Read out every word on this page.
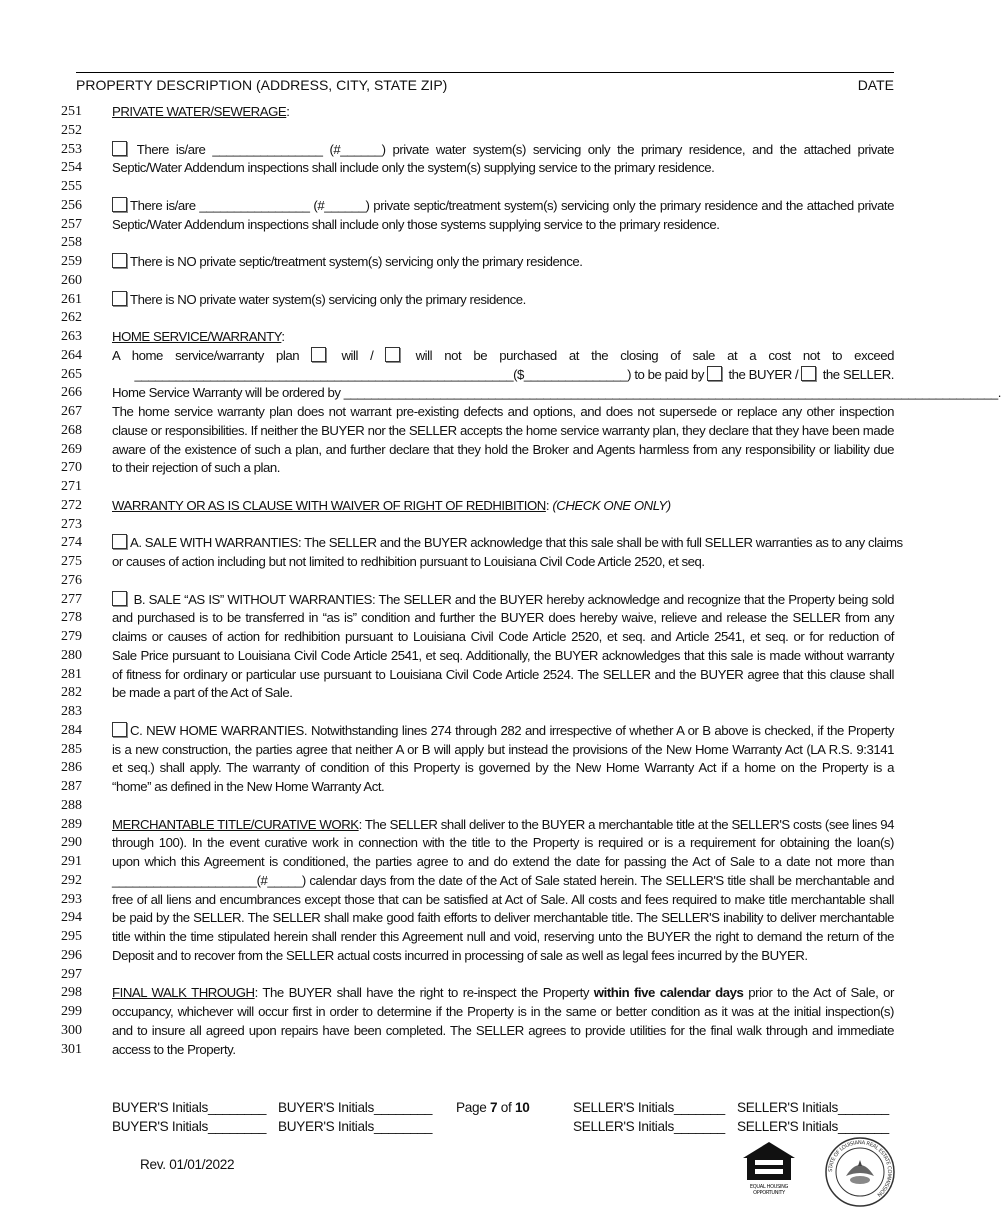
PROPERTY DESCRIPTION (ADDRESS, CITY, STATE ZIP)	DATE
251 PRIVATE WATER/SEWERAGE:
252
253	There is/are ________________ (#______) private water system(s) servicing only the primary residence, and the attached private
254 Septic/Water Addendum inspections shall include only the system(s) supplying service to the primary residence.
255
256	There is/are ________________ (#______) private septic/treatment system(s) servicing only the primary residence and the attached private
257 Septic/Water Addendum inspections shall include only those systems supplying service to the primary residence.
258
259	There is NO private septic/treatment system(s) servicing only the primary residence.
260
261	There is NO private water system(s) servicing only the primary residence.
262
263 HOME SERVICE/WARRANTY:
264 A home service/warranty plan	will /	will not be purchased at the closing of sale at a cost not to exceed
265	_______________________________________________________($_______________) to be paid by the BUYER / the SELLER.
266 Home Service Warranty will be ordered by _______________________________________________________________________________________________.
267 The home service warranty plan does not warrant pre-existing defects and options, and does not supersede or replace any other inspection
268 clause or responsibilities. If neither the BUYER nor the SELLER accepts the home service warranty plan, they declare that they have been made
269 aware of the existence of such a plan, and further declare that they hold the Broker and Agents harmless from any responsibility or liability due
270 to their rejection of such a plan.
271
272 WARRANTY OR AS IS CLAUSE WITH WAIVER OF RIGHT OF REDHIBITION: (CHECK ONE ONLY)
273
274	A. SALE WITH WARRANTIES: The SELLER and the BUYER acknowledge that this sale shall be with full SELLER warranties as to any claims
275 or causes of action including but not limited to redhibition pursuant to Louisiana Civil Code Article 2520, et seq.
276
277	B. SALE “AS IS” WITHOUT WARRANTIES: The SELLER and the BUYER hereby acknowledge and recognize that the Property being sold
278 and purchased is to be transferred in “as is” condition and further the BUYER does hereby waive, relieve and release the SELLER from any
279 claims or causes of action for redhibition pursuant to Louisiana Civil Code Article 2520, et seq. and Article 2541, et seq. or for reduction of
280 Sale Price pursuant to Louisiana Civil Code Article 2541, et seq. Additionally, the BUYER acknowledges that this sale is made without warranty
281 of fitness for ordinary or particular use pursuant to Louisiana Civil Code Article 2524. The SELLER and the BUYER agree that this clause shall
282 be made a part of the Act of Sale.
283
284	C. NEW HOME WARRANTIES. Notwithstanding lines 274 through 282 and irrespective of whether A or B above is checked, if the Property
285 is a new construction, the parties agree that neither A or B will apply but instead the provisions of the New Home Warranty Act (LA R.S. 9:3141
286 et seq.) shall apply. The warranty of condition of this Property is governed by the New Home Warranty Act if a home on the Property is a
287 “home” as defined in the New Home Warranty Act.
288
289 MERCHANTABLE TITLE/CURATIVE WORK: The SELLER shall deliver to the BUYER a merchantable title at the SELLER'S costs (see lines 94
290 through 100). In the event curative work in connection with the title to the Property is required or is a requirement for obtaining the loan(s)
291 upon which this Agreement is conditioned, the parties agree to and do extend the date for passing the Act of Sale to a date not more than
292 _____________________(#_____) calendar days from the date of the Act of Sale stated herein. The SELLER'S title shall be merchantable and
293 free of all liens and encumbrances except those that can be satisfied at Act of Sale. All costs and fees required to make title merchantable shall
294 be paid by the SELLER. The SELLER shall make good faith efforts to deliver merchantable title. The SELLER'S inability to deliver merchantable
295 title within the time stipulated herein shall render this Agreement null and void, reserving unto the BUYER the right to demand the return of the
296 Deposit and to recover from the SELLER actual costs incurred in processing of sale as well as legal fees incurred by the BUYER.
297
298 FINAL WALK THROUGH: The BUYER shall have the right to re-inspect the Property within five calendar days prior to the Act of Sale, or
299 occupancy, whichever will occur first in order to determine if the Property is in the same or better condition as it was at the initial inspection(s)
300 and to insure all agreed upon repairs have been completed. The SELLER agrees to provide utilities for the final walk through and immediate
301 access to the Property.
BUYER'S Initials________ BUYER'S Initials________
BUYER'S Initials________ BUYER'S Initials________
Page 7 of 10	SELLER'S Initials_______ SELLER'S Initials_______
SELLER'S Initials_______ SELLER'S Initials_______
Rev. 01/01/2022
EQUAL HOUSING
OPPORTUNITY
STATE OF LOUISIANA REAL ESTATE COMMISSION
